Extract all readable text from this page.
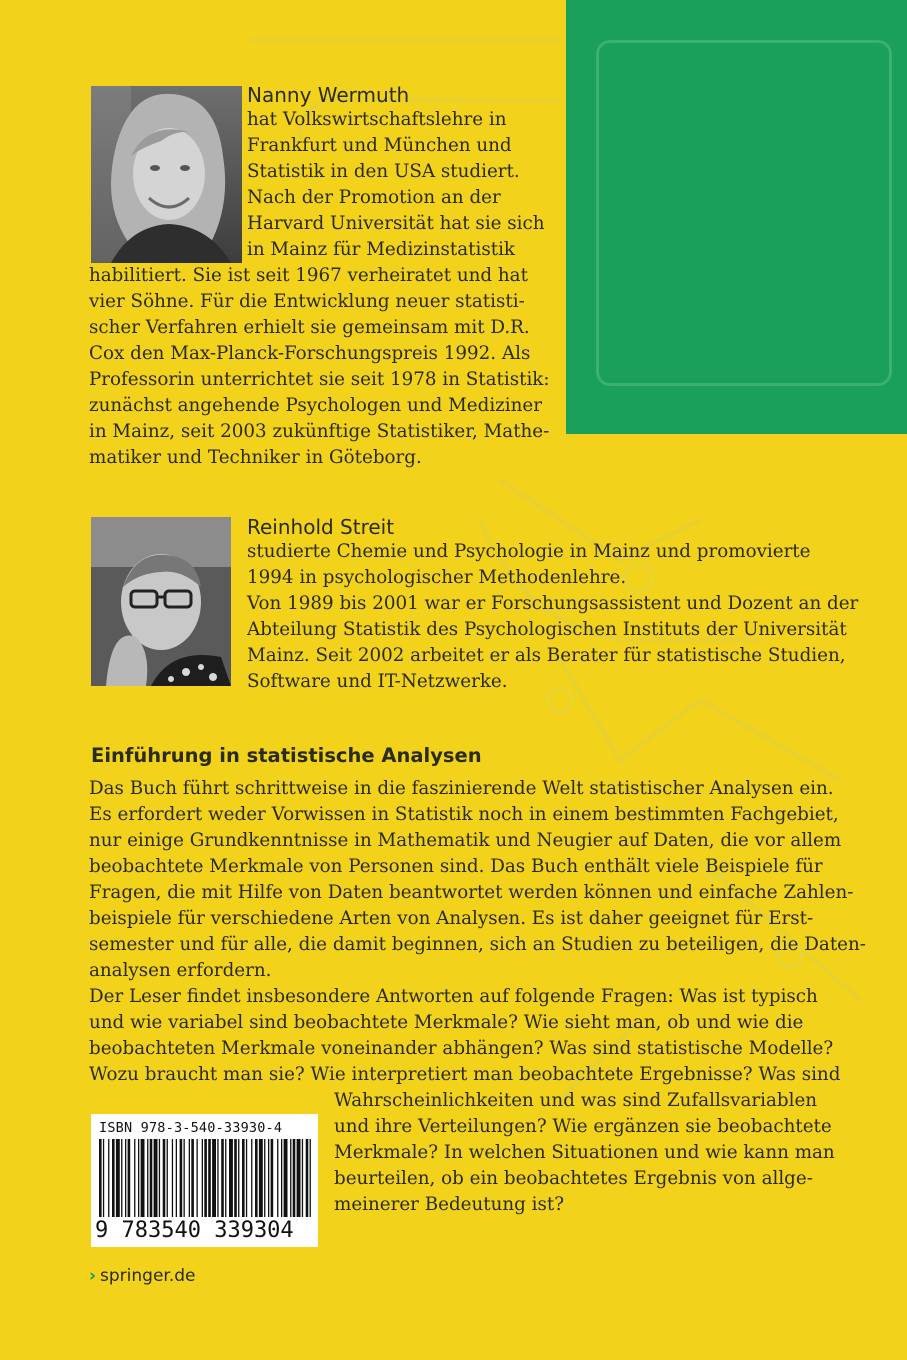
Nanny Wermuth
hat Volkswirtschaftslehre in
Frankfurt und München und
Statistik in den USA studiert.
Nach der Promotion an der
Harvard Universität hat sie sich
in Mainz für Medizinstatistik
habilitiert. Sie ist seit 1967 verheiratet und hat
vier Söhne. Für die Entwicklung neuer statisti-
scher Verfahren erhielt sie gemeinsam mit D.R.
Cox den Max-Planck-Forschungspreis 1992. Als
Professorin unterrichtet sie seit 1978 in Statistik:
zunächst angehende Psychologen und Mediziner
in Mainz, seit 2003 zukünftige Statistiker, Mathe-
matiker und Techniker in Göteborg.
Reinhold Streit
studierte Chemie und Psychologie in Mainz und promovierte
1994 in psychologischer Methodenlehre.
Von 1989 bis 2001 war er Forschungsassistent und Dozent an der
Abteilung Statistik des Psychologischen Instituts der Universität
Mainz. Seit 2002 arbeitet er als Berater für statistische Studien,
Software und IT-Netzwerke.
Einführung in statistische Analysen
Das Buch führt schrittweise in die faszinierende Welt statistischer Analysen ein.
Es erfordert weder Vorwissen in Statistik noch in einem bestimmten Fachgebiet,
nur einige Grundkenntnisse in Mathematik und Neugier auf Daten, die vor allem
beobachtete Merkmale von Personen sind. Das Buch enthält viele Beispiele für
Fragen, die mit Hilfe von Daten beantwortet werden können und einfache Zahlen-
beispiele für verschiedene Arten von Analysen. Es ist daher geeignet für Erst-
semester und für alle, die damit beginnen, sich an Studien zu beteiligen, die Daten-
analysen erfordern.
Der Leser findet insbesondere Antworten auf folgende Fragen: Was ist typisch
und wie variabel sind beobachtete Merkmale? Wie sieht man, ob und wie die
beobachteten Merkmale voneinander abhängen? Was sind statistische Modelle?
Wozu braucht man sie? Wie interpretiert man beobachtete Ergebnisse? Was sind
Wahrscheinlichkeiten und was sind Zufallsvariablen
und ihre Verteilungen? Wie ergänzen sie beobachtete
Merkmale? In welchen Situationen und wie kann man
beurteilen, ob ein beobachtetes Ergebnis von allge-
meinerer Bedeutung ist?
ISBN 978-3-540-33930-4
9 783540 339304
› springer.de
